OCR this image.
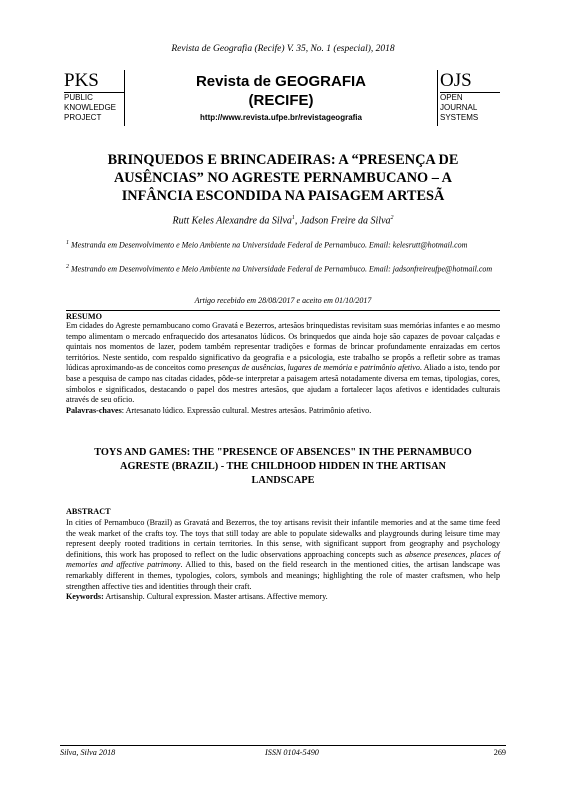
Revista de Geografia (Recife) V. 35, No. 1 (especial), 2018
PKS
PUBLIC
KNOWLEDGE
PROJECT
Revista de GEOGRAFIA
(RECIFE)
http://www.revista.ufpe.br/revistageografia
OJS
OPEN
JOURNAL
SYSTEMS
BRINQUEDOS E BRINCADEIRAS: A “PRESENÇA DE
AUSÊNCIAS” NO AGRESTE PERNAMBUCANO – A
INFÂNCIA ESCONDIDA NA PAISAGEM ARTESÃ
Rutt Keles Alexandre da Silva$^1$, Jadson Freire da Silva$^2$
$^1$ Mestranda em Desenvolvimento e Meio Ambiente na Universidade Federal de Pernambuco. Email: kelesrutt@hotmail.com
$^2$ Mestrando em Desenvolvimento e Meio Ambiente na Universidade Federal de Pernambuco. Email: jadsonfreireufpe@hotmail.com
Artigo recebido em 28/08/2017 e aceito em 01/10/2017
RESUMO
Em cidades do Agreste pernambucano como Gravatá e Bezerros, artesãos brinquedistas revisitam suas memórias infantes e ao mesmo tempo alimentam o mercado enfraquecido dos artesanatos lúdicos. Os brinquedos que ainda hoje são capazes de povoar calçadas e quintais nos momentos de lazer, podem também representar tradições e formas de brincar profundamente enraizadas em certos territórios. Neste sentido, com respaldo significativo da geografia e a psicologia, este trabalho se propôs a refletir sobre as tramas lúdicas aproximando-as de conceitos como presenças de ausências, lugares de memória e patrimônio afetivo. Aliado a isto, tendo por base a pesquisa de campo nas citadas cidades, pôde-se interpretar a paisagem artesã notadamente diversa em temas, tipologias, cores, símbolos e significados, destacando o papel dos mestres artesãos, que ajudam a fortalecer laços afetivos e identidades culturais através de seu ofício.
Palavras-chaves: Artesanato lúdico. Expressão cultural. Mestres artesãos. Patrimônio afetivo.
TOYS AND GAMES: THE "PRESENCE OF ABSENCES" IN THE PERNAMBUCO
AGRESTE (BRAZIL) - THE CHILDHOOD HIDDEN IN THE ARTISAN
LANDSCAPE
ABSTRACT
In cities of Pernambuco (Brazil) as Gravatá and Bezerros, the toy artisans revisit their infantile memories and at the same time feed the weak market of the crafts toy. The toys that still today are able to populate sidewalks and playgrounds during leisure time may represent deeply rooted traditions in certain territories. In this sense, with significant support from geography and psychology definitions, this work has proposed to reflect on the ludic observations approaching concepts such as absence presences, places of memories and affective patrimony. Allied to this, based on the field research in the mentioned cities, the artisan landscape was remarkably different in themes, typologies, colors, symbols and meanings; highlighting the role of master craftsmen, who help strengthen affective ties and identities through their craft.
Keywords: Artisanship. Cultural expression. Master artisans. Affective memory.
Silva, Silva 2018	ISSN 0104-5490	269
